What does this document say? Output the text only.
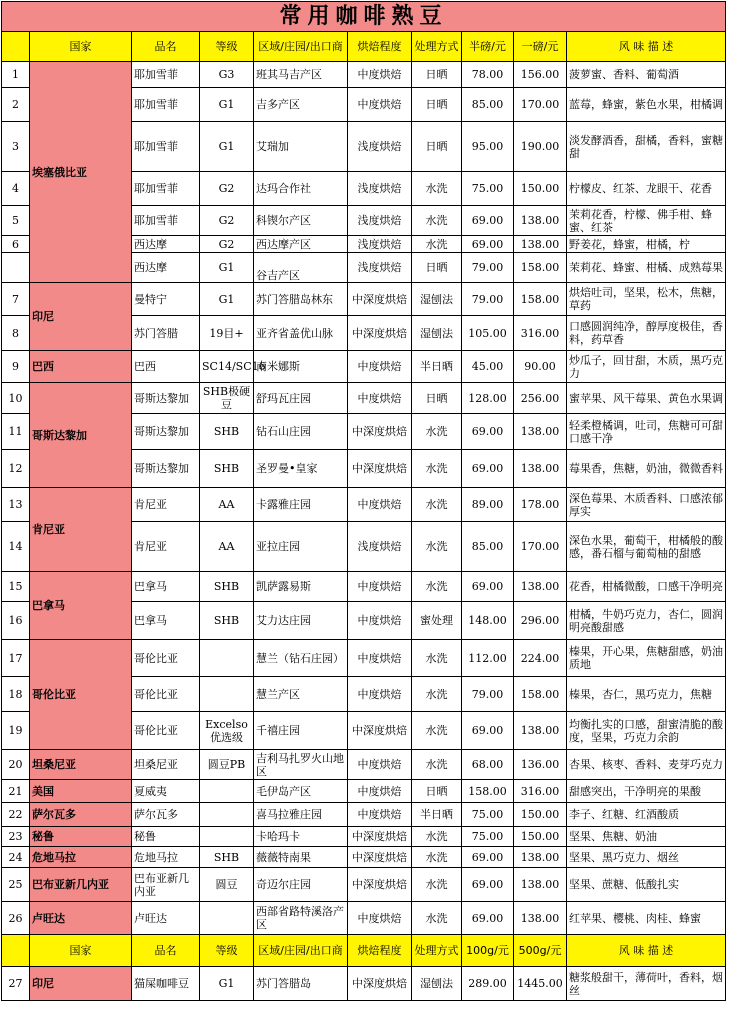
常用咖啡熟豆									
	国家	品名	等级	区域/庄园/出口商	烘焙程度	处理方式	半磅/元	一磅/元	风 味 描 述
1	埃塞俄比亚	耶加雪菲	G3	班其马吉产区	中度烘焙	日晒	78.00	156.00	菠萝蜜、香料、葡萄酒
2		耶加雪菲	G1	吉多产区	中度烘焙	日晒	85.00	170.00	蓝莓，蜂蜜，紫色水果，柑橘调
3		耶加雪菲	G1	艾瑞加	浅度烘焙	日晒	95.00	190.00	淡发酵酒香，甜橘，香料，蜜糖甜
4		耶加雪菲	G2	达玛合作社	浅度烘焙	水洗	75.00	150.00	柠檬皮、红茶、龙眼干、花香
5		耶加雪菲	G2	科锲尔产区	浅度烘焙	水洗	69.00	138.00	茉莉花香，柠檬、佛手柑、蜂蜜、红茶
6		西达摩	G2	西达摩产区	浅度烘焙	水洗	69.00	138.00	野姜花，蜂蜜，柑橘，柠
		西达摩	G1	谷吉产区	浅度烘焙	日晒	79.00	158.00	茉莉花、蜂蜜、柑橘、成熟莓果
7	印尼	曼特宁	G1	苏门答腊岛林东	中深度烘焙	湿刨法	79.00	158.00	烘焙吐司，坚果，松木，焦糖，草药
8		苏门答腊	19目+	亚齐省盖优山脉	中深度烘焙	湿刨法	105.00	316.00	口感圆润纯净，醇厚度极佳，香料，药草香
9	巴西	巴西	SC14/SC16	南米娜斯	中度烘焙	半日晒	45.00	90.00	炒瓜子，回甘甜，木质，黑巧克力
10	哥斯达黎加	哥斯达黎加	SHB极硬豆	舒玛瓦庄园	中度烘焙	日晒	128.00	256.00	蜜苹果、风干莓果、黄色水果调
11		哥斯达黎加	SHB	钻石山庄园	中深度烘焙	水洗	69.00	138.00	轻柔橙橘调，吐司，焦糖可可甜口感干净
12		哥斯达黎加	SHB	圣罗曼•皇家	中深度烘焙	水洗	69.00	138.00	莓果香，焦糖，奶油，微微香料
13	肯尼亚	肯尼亚	AA	卡露雅庄园	中度烘焙	水洗	89.00	178.00	深色莓果、木质香料、口感浓郁厚实
14		肯尼亚	AA	亚拉庄园	浅度烘焙	水洗	85.00	170.00	深色水果，葡萄干，柑橘般的酸感，番石榴与葡萄柚的甜感
15	巴拿马	巴拿马	SHB	凯萨露易斯	中度烘焙	水洗	69.00	138.00	花香，柑橘微酸，口感干净明亮
16		巴拿马	SHB	艾力达庄园	中度烘焙	蜜处理	148.00	296.00	柑橘，牛奶巧克力，杏仁，圆润明亮酸甜感
17	哥伦比亚	哥伦比亚		慧兰（钻石庄园）	中度烘焙	水洗	112.00	224.00	榛果，开心果，焦糖甜感，奶油质地
18		哥伦比亚		慧兰产区	中度烘焙	水洗	79.00	158.00	榛果，杏仁，黑巧克力，焦糖
19		哥伦比亚	Excelso优选级	千禧庄园	中深度烘焙	水洗	69.00	138.00	均衡扎实的口感，甜蜜清脆的酸度，坚果，巧克力余韵
20	坦桑尼亚	坦桑尼亚	圆豆PB	吉利马扎罗火山地区	中度烘焙	水洗	68.00	136.00	杏果、核枣、香料、麦芽巧克力
21	美国	夏威夷		毛伊岛产区	中度烘焙	日晒	158.00	316.00	甜感突出，干净明亮的果酸
22	萨尔瓦多	萨尔瓦多		喜马拉雅庄园	中度烘焙	半日晒	75.00	150.00	李子、红糖、红酒酸质
23	秘鲁	秘鲁		卡哈玛卡	中深度烘焙	水洗	75.00	150.00	坚果、焦糖、奶油
24	危地马拉	危地马拉	SHB	薇薇特南果	中深度烘焙	水洗	69.00	138.00	坚果、黑巧克力、烟丝
25	巴布亚新几内亚	巴布亚新几内亚	圆豆	奇迈尔庄园	中深度烘焙	水洗	69.00	138.00	坚果、蔗糖、低酸扎实
26	卢旺达	卢旺达		西部省路特溪洛产区	中度烘焙	水洗	69.00	138.00	红苹果、樱桃、肉桂、蜂蜜
	国家	品名	等级	区域/庄园/出口商	烘焙程度	处理方式	100g/元	500g/元	风 味 描 述
27	印尼	猫屎咖啡豆	G1	苏门答腊岛	中深度烘焙	湿刨法	289.00	1445.00	糖浆般甜干，薄荷叶，香料，烟丝
